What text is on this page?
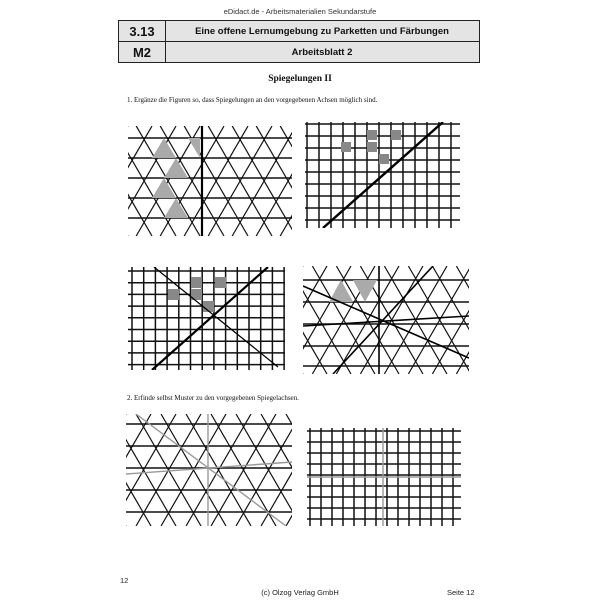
eDidact.de - Arbeitsmaterialien Sekundarstufe
3.13	Eine offene Lernumgebung zu Parketten und Färbungen
M2	Arbeitsblatt 2
Spiegelungen II
1. Ergänze die Figuren so, dass Spiegelungen an den vorgegebenen Achsen möglich sind.
2. Erfinde selbst Muster zu den vorgegebenen Spiegelachsen.
12
(c) Olzog Verlag GmbH	Seite 12
